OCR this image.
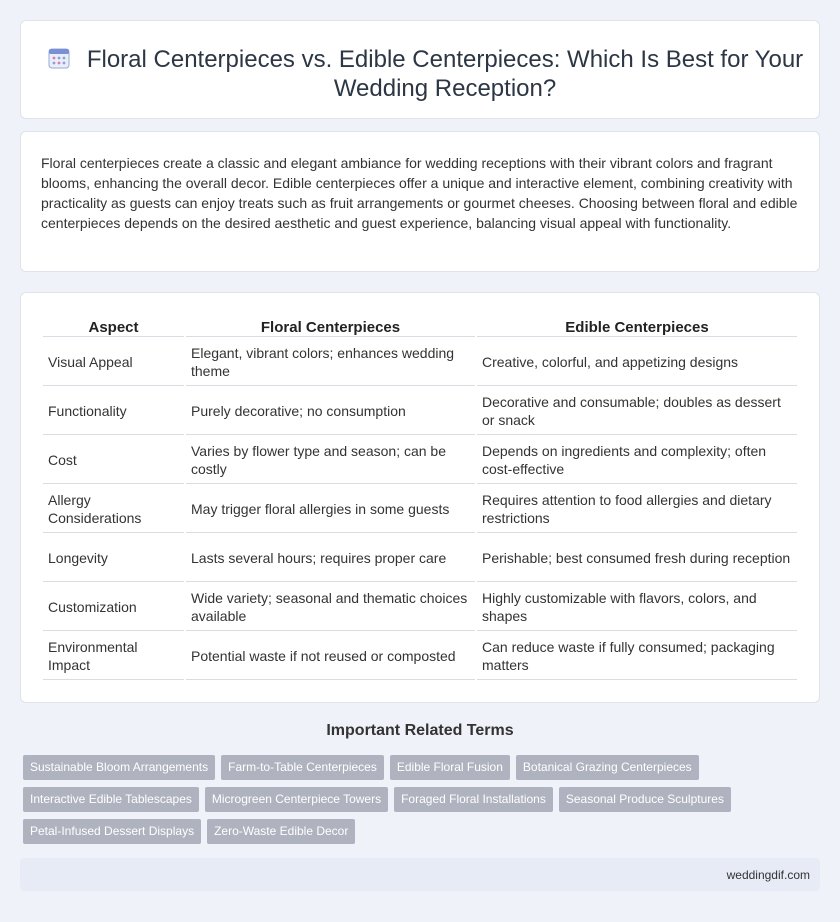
Floral Centerpieces vs. Edible Centerpieces: Which Is Best for Your Wedding Reception?

Floral centerpieces create a classic and elegant ambiance for wedding receptions with their vibrant colors and fragrant blooms, enhancing the overall decor. Edible centerpieces offer a unique and interactive element, combining creativity with practicality as guests can enjoy treats such as fruit arrangements or gourmet cheeses. Choosing between floral and edible centerpieces depends on the desired aesthetic and guest experience, balancing visual appeal with functionality.

Aspect	Floral Centerpieces	Edible Centerpieces
Visual Appeal	Elegant, vibrant colors; enhances wedding theme	Creative, colorful, and appetizing designs
Functionality	Purely decorative; no consumption	Decorative and consumable; doubles as dessert or snack
Cost	Varies by flower type and season; can be costly	Depends on ingredients and complexity; often cost-effective
Allergy Considerations	May trigger floral allergies in some guests	Requires attention to food allergies and dietary restrictions
Longevity	Lasts several hours; requires proper care	Perishable; best consumed fresh during reception
Customization	Wide variety; seasonal and thematic choices available	Highly customizable with flavors, colors, and shapes
Environmental Impact	Potential waste if not reused or composted	Can reduce waste if fully consumed; packaging matters
Important Related Terms
Sustainable Bloom Arrangements	Farm-to-Table Centerpieces	Edible Floral Fusion	Botanical Grazing Centerpieces
Interactive Edible Tablescapes	Microgreen Centerpiece Towers	Foraged Floral Installations	Seasonal Produce Sculptures
Petal-Infused Dessert Displays	Zero-Waste Edible Decor
weddingdif.com
